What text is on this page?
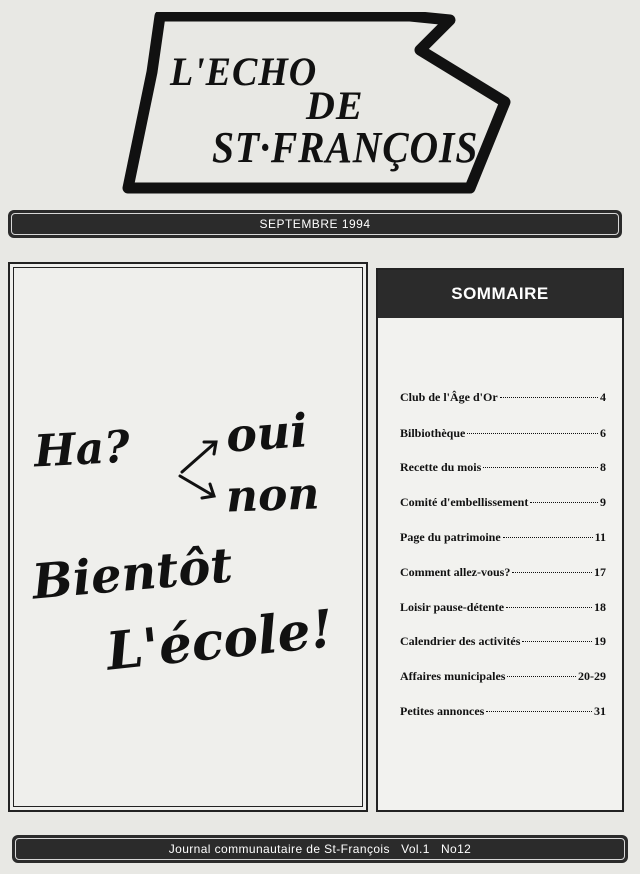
L'ECHO
DE
ST·FRANÇOIS
SEPTEMBRE 1994
Ha? oui
non
Bientôt
L'école!
SOMMAIRE
Club de l'Âge d'Or	4
Bilbiothèque	6
Recette du mois	8
Comité d'embellissement	9
Page du patrimoine	11
Comment allez-vous?	17
Loisir pause-détente	18
Calendrier des activités	19
Affaires municipales	20-29
Petites annonces	31
Journal communautaire de St-François   Vol.1   No12
